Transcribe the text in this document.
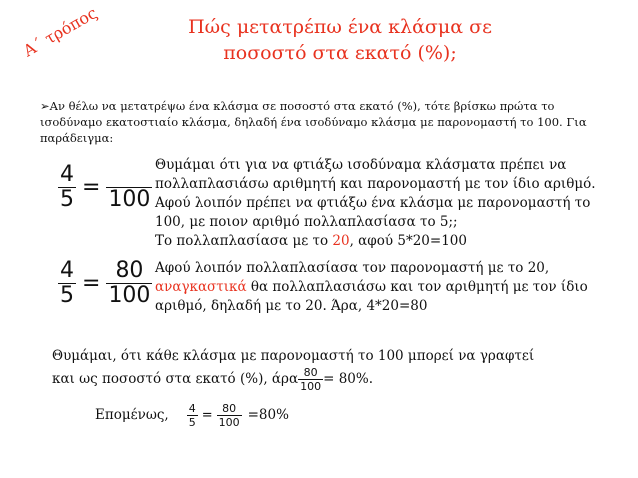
Πώς μετατρέπω ένα κλάσμα σε
ποσοστό στα εκατό (%);
Α΄ τρόπος
➢Αν θέλω να μετατρέψω ένα κλάσμα σε ποσοστό στα εκατό (%), τότε βρίσκω πρώτα το ισοδύναμο εκατοστιαίο κλάσμα, δηλαδή ένα ισοδύναμο κλάσμα με παρονομαστή το 100. Για παράδειγμα:
$\frac{4}{5} = 100$
Θυμάμαι ότι για να φτιάξω ισοδύναμα κλάσματα πρέπει να
πολλαπλασιάσω αριθμητή και παρονομαστή με τον ίδιο αριθμό.
Αφού λοιπόν πρέπει να φτιάξω ένα κλάσμα με παρονομαστή το
100, με ποιον αριθμό πολλαπλασίασα το 5;;
Το πολλαπλασίασα με το 20, αφού 5*20=100
$\frac{4}{5} = \frac{80}{100}$ Αφού λοιπόν πολλαπλασίασα τον παρονομαστή με το 20,
αναγκαστικά θα πολλαπλασιάσω και τον αριθμητή με τον ίδιο
αριθμό, δηλαδή με το 20. Άρα, 4*20=80
Θυμάμαι, ότι κάθε κλάσμα με παρονομαστή το 100 μπορεί να γραφτεί
και ως ποσοστό στα εκατό (%), άρα $\frac{80}{100} = 80\%$.
Επομένως, $\frac{4}{5} = \frac{80}{100} =80\%$
